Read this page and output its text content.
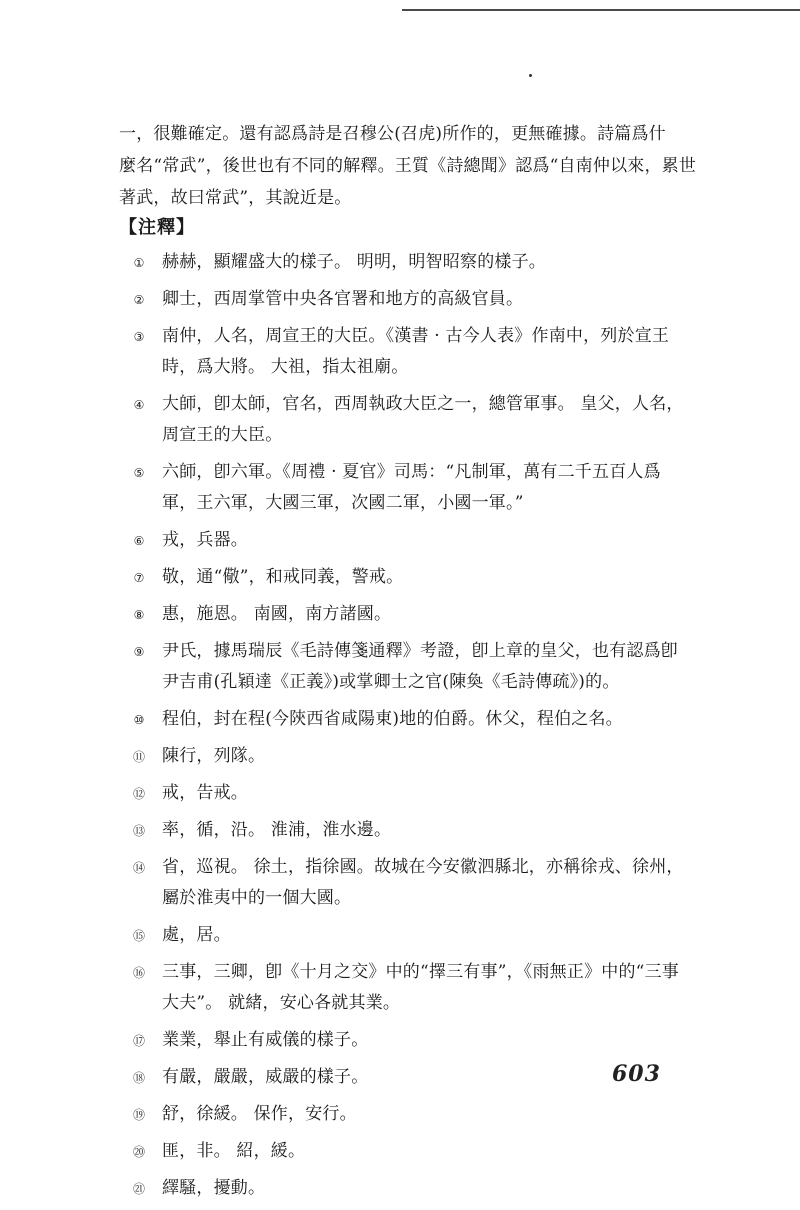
一，很難確定。還有認爲詩是召穆公(召虎)所作的，更無確據。詩篇爲什

麼名“常武”，後世也有不同的解釋。王質《詩總聞》認爲“自南仲以來，累世

著武，故曰常武”，其說近是。

【注釋】
①	赫赫，顯耀盛大的樣子。 明明，明智昭察的樣子。
②	卿士，西周掌管中央各官署和地方的高級官員。
③	南仲，人名，周宣王的大臣。《漢書 · 古今人表》作南中，列於宣王時，爲大將。 大祖，指太祖廟。
④	大師，卽太師，官名，西周執政大臣之一，總管軍事。 皇父，人名，周宣王的大臣。
⑤	六師，卽六軍。《周禮 · 夏官》司馬：“凡制軍，萬有二千五百人爲軍，王六軍，大國三軍，次國二軍，小國一軍。”
⑥	戎，兵器。
⑦	敬，通“儆”，和戒同義，警戒。
⑧	惠，施恩。 南國，南方諸國。
⑨	尹氏，據馬瑞辰《毛詩傳箋通釋》考證，卽上章的皇父，也有認爲卽尹吉甫(孔穎達《正義》)或掌卿士之官(陳奐《毛詩傳疏》)的。
⑩	程伯，封在程(今陝西省咸陽東)地的伯爵。休父，程伯之名。
⑪ 陳行，列隊。
⑫ 戒，告戒。
⑬ 率，循，沿。 淮浦，淮水邊。
⑭ 省，巡視。 徐土，指徐國。故城在今安徽泗縣北，亦稱徐戎、徐州，屬於淮夷中的一個大國。
⑮ 處，居。
⑯ 三事，三卿，卽《十月之交》中的“擇三有事”，《雨無正》中的“三事大夫”。 就緒，安心各就其業。
⑰ 業業，舉止有威儀的樣子。
⑱ 有嚴，嚴嚴，威嚴的樣子。
⑲ 舒，徐緩。 保作，安行。
⑳ 匪，非。 紹，緩。
㉑ 繹騷，擾動。
603
